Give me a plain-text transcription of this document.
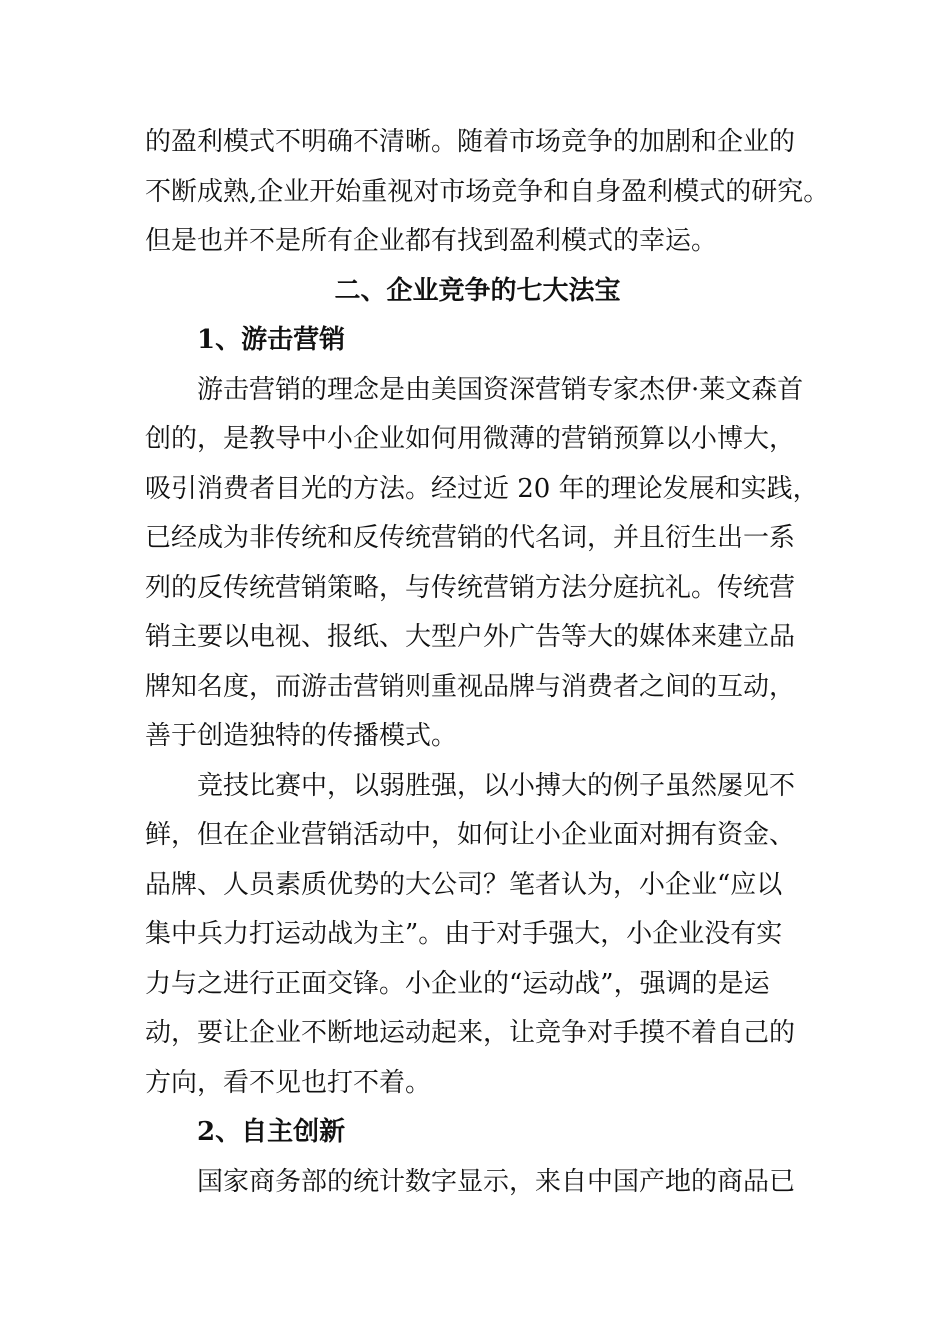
的盈利模式不明确不清晰。随着市场竞争的加剧和企业的
不断成熟,企业开始重视对市场竞争和自身盈利模式的研究。
但是也并不是所有企业都有找到盈利模式的幸运。
二、企业竞争的七大法宝
1、游击营销
游击营销的理念是由美国资深营销专家杰伊·莱文森首
创的，是教导中小企业如何用微薄的营销预算以小博大，
吸引消费者目光的方法。经过近 20 年的理论发展和实践，
已经成为非传统和反传统营销的代名词，并且衍生出一系
列的反传统营销策略，与传统营销方法分庭抗礼。传统营
销主要以电视、报纸、大型户外广告等大的媒体来建立品
牌知名度，而游击营销则重视品牌与消费者之间的互动，
善于创造独特的传播模式。
竞技比赛中，以弱胜强，以小搏大的例子虽然屡见不
鲜，但在企业营销活动中，如何让小企业面对拥有资金、
品牌、人员素质优势的大公司？笔者认为，小企业“应以
集中兵力打运动战为主”。由于对手强大，小企业没有实
力与之进行正面交锋。小企业的“运动战”，强调的是运
动，要让企业不断地运动起来，让竞争对手摸不着自己的
方向，看不见也打不着。
2、自主创新
国家商务部的统计数字显示，来自中国产地的商品已
